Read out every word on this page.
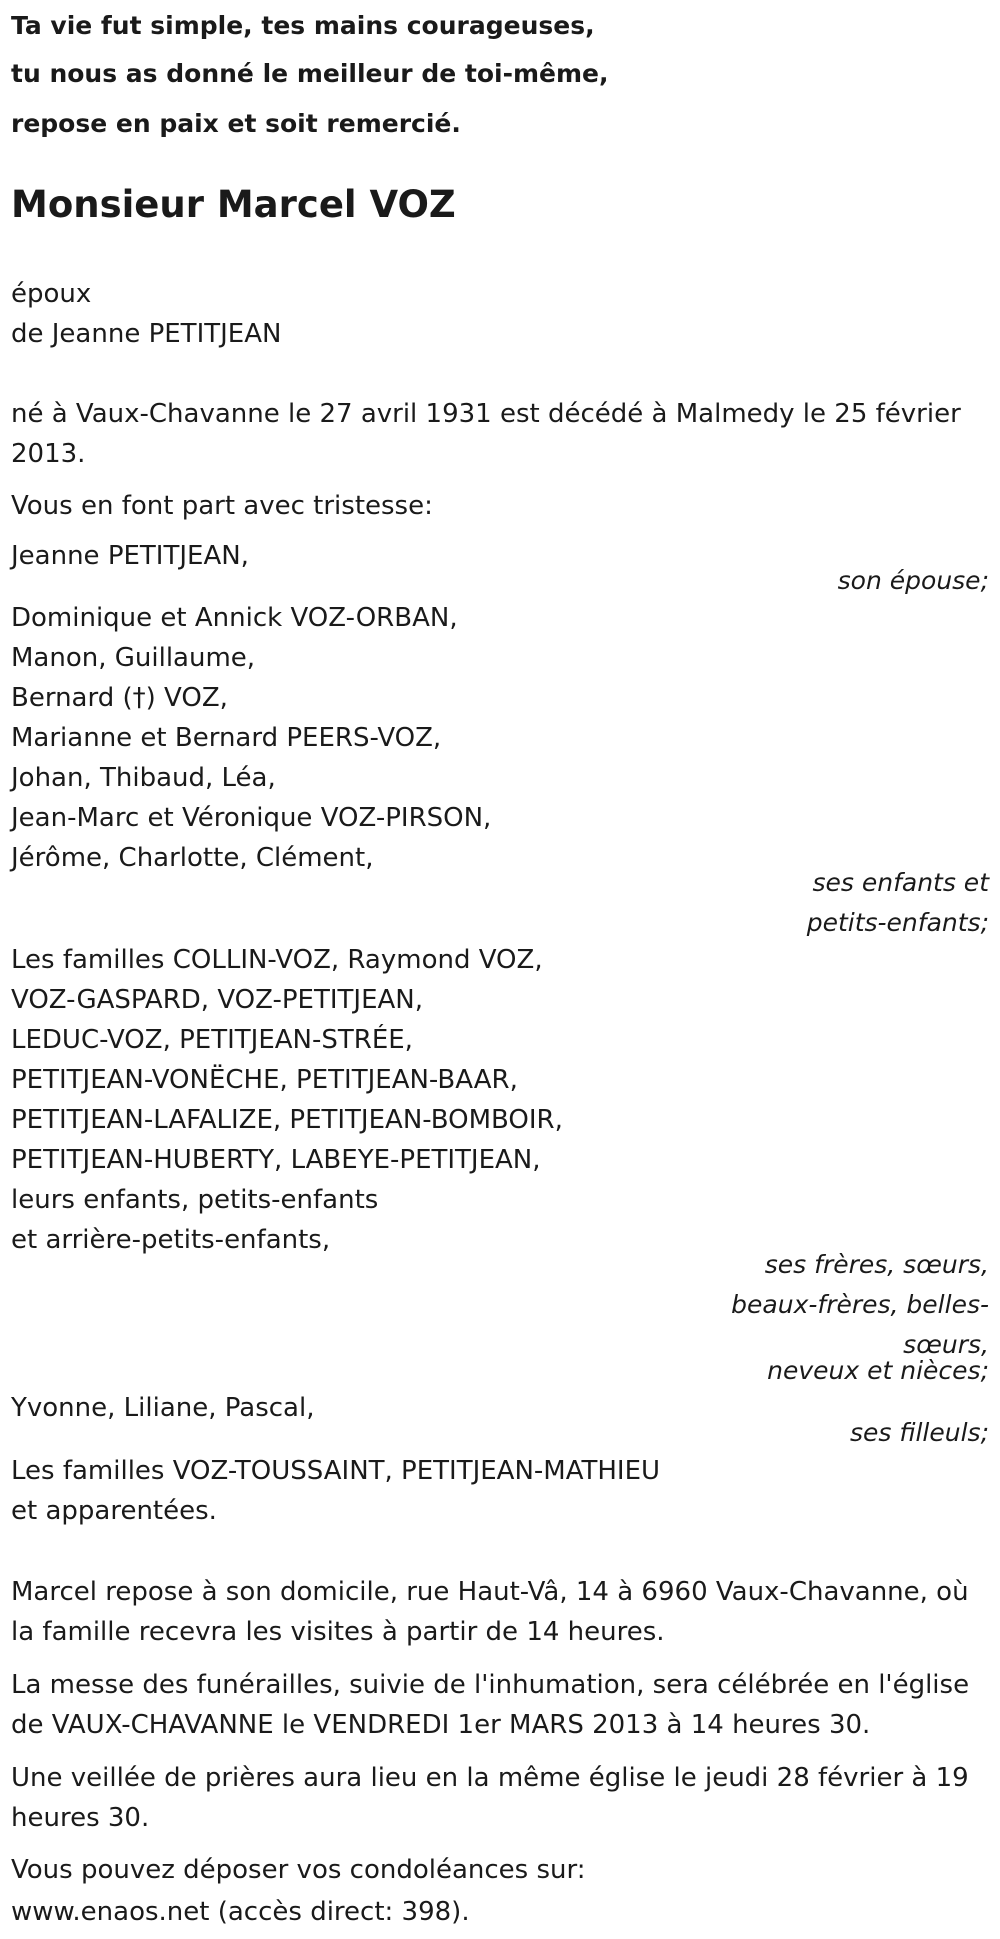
Ta vie fut simple, tes mains courageuses,
tu nous as donné le meilleur de toi-même,
repose en paix et soit remercié.
Monsieur Marcel VOZ
époux
de Jeanne PETITJEAN
né à Vaux-Chavanne le 27 avril 1931 est décédé à Malmedy le 25 février
2013.
Vous en font part avec tristesse:
Jeanne PETITJEAN,
son épouse;
Dominique et Annick VOZ-ORBAN,
Manon, Guillaume,
Bernard (†) VOZ,
Marianne et Bernard PEERS-VOZ,
Johan, Thibaud, Léa,
Jean-Marc et Véronique VOZ-PIRSON,
Jérôme, Charlotte, Clément,
ses enfants et
petits-enfants;
Les familles COLLIN-VOZ, Raymond VOZ,
VOZ-GASPARD, VOZ-PETITJEAN,
LEDUC-VOZ, PETITJEAN-STRÉE,
PETITJEAN-VONËCHE, PETITJEAN-BAAR,
PETITJEAN-LAFALIZE, PETITJEAN-BOMBOIR,
PETITJEAN-HUBERTY, LABEYE-PETITJEAN,
leurs enfants, petits-enfants
et arrière-petits-enfants,
ses frères, sœurs,
beaux-frères, belles-
sœurs,
neveux et nièces;
Yvonne, Liliane, Pascal,
ses filleuls;
Les familles VOZ-TOUSSAINT, PETITJEAN-MATHIEU
et apparentées.
Marcel repose à son domicile, rue Haut-Vâ, 14 à 6960 Vaux-Chavanne, où
la famille recevra les visites à partir de 14 heures.
La messe des funérailles, suivie de l'inhumation, sera célébrée en l'église
de VAUX-CHAVANNE le VENDREDI 1er MARS 2013 à 14 heures 30.
Une veillée de prières aura lieu en la même église le jeudi 28 février à 19
heures 30.
Vous pouvez déposer vos condoléances sur:
www.enaos.net (accès direct: 398).
